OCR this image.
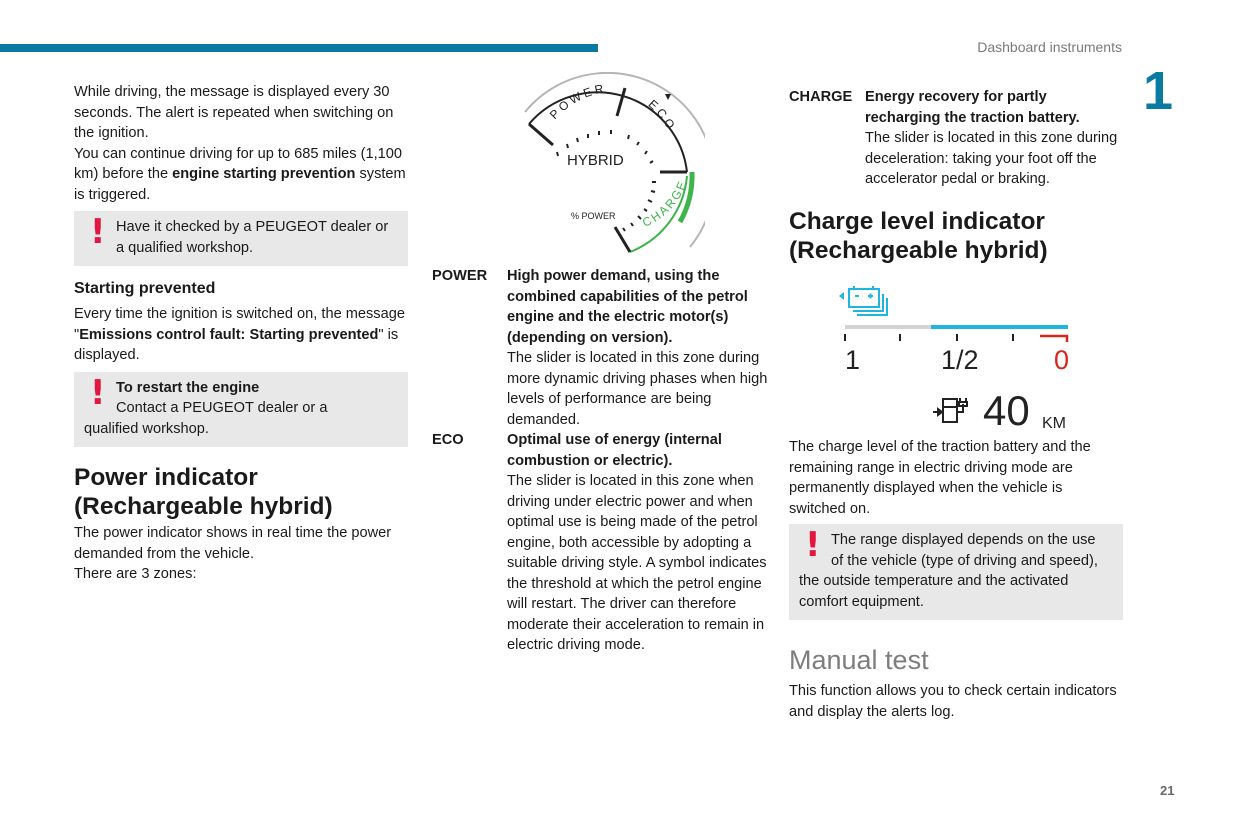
Dashboard instruments
1
21

While driving, the message is displayed every 30 seconds. The alert is repeated when switching on the ignition.

You can continue driving for up to 685 miles (1,100 km) before the engine starting prevention system is triggered.

! Have it checked by a PEUGEOT dealer or a qualified workshop.

Starting prevented

Every time the ignition is switched on, the message "Emissions control fault: Starting prevented" is displayed.

! To restart the engine
Contact a PEUGEOT dealer or a
qualified workshop.

Power indicator
(Rechargeable hybrid)

The power indicator shows in real time the power demanded from the vehicle.

There are 3 zones:

POWER
ECO
CHARGE
HYBRID
% POWER
POWER	High power demand, using the combined capabilities of the petrol engine and the electric motor(s) (depending on version).

The slider is located in this zone during more dynamic driving phases when high levels of performance are being demanded.

ECO	Optimal use of energy (internal combustion or electric).

The slider is located in this zone when driving under electric power and when optimal use is being made of the petrol engine, both accessible by adopting a suitable driving style. A symbol indicates the threshold at which the petrol engine will restart. The driver can therefore moderate their acceleration to remain in electric driving mode.

CHARGE Energy recovery for partly recharging the traction battery.

The slider is located in this zone during deceleration: taking your foot off the accelerator pedal or braking.

Charge level indicator
(Rechargeable hybrid)
1	1/2	0
40 KM

The charge level of the traction battery and the remaining range in electric driving mode are permanently displayed when the vehicle is switched on.

! The range displayed depends on the use
of the vehicle (type of driving and speed),
the outside temperature and the activated comfort equipment.

Manual test

This function allows you to check certain indicators and display the alerts log.
